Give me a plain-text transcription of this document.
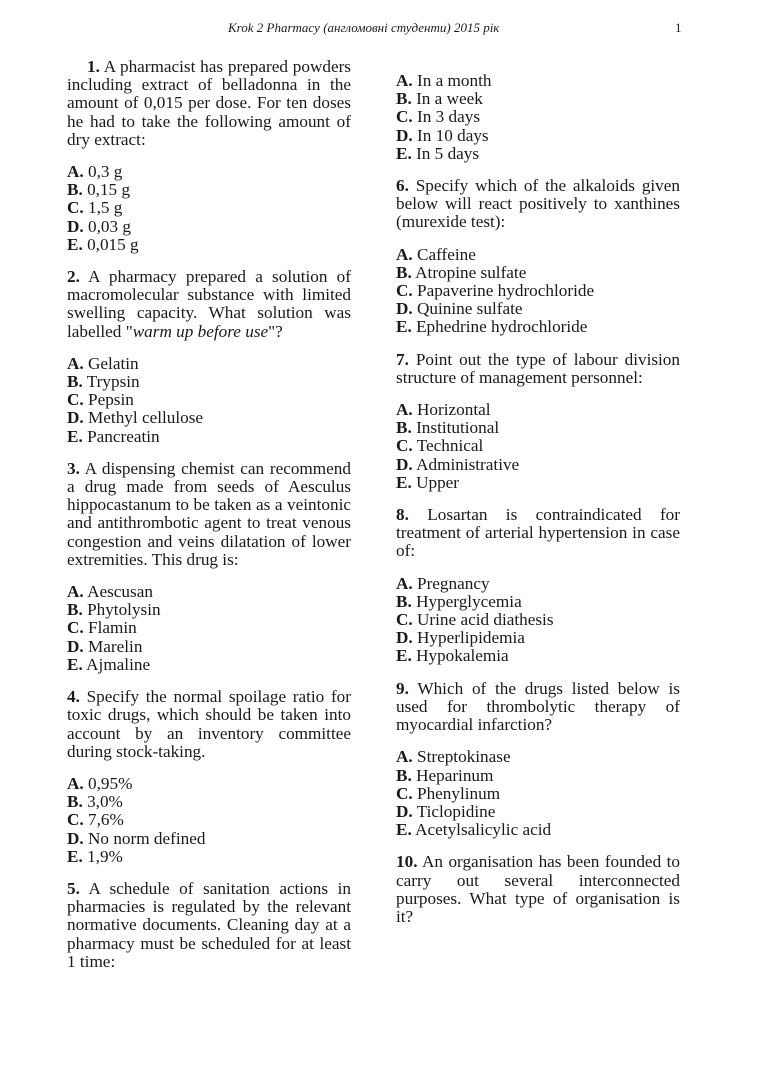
Krok 2 Pharmacy (англомовні студенти) 2015 рік	1

1. A pharmacist has prepared powders including extract of belladonna in the amount of 0,015 per dose. For ten doses he had to take the following amount of dry extract:

A. 0,3 g
B. 0,15 g
C. 1,5 g
D. 0,03 g
E. 0,015 g

2. A pharmacy prepared a solution of macromolecular substance with limited swelling capacity. What solution was labelled "warm up before use"?

A. Gelatin
B. Trypsin
C. Pepsin
D. Methyl cellulose
E. Pancreatin

3. A dispensing chemist can recommend a drug made from seeds of Aesculus hippocastanum to be taken as a veintonic and antithrombotic agent to treat venous congestion and veins dilatation of lower extremities. This drug is:

A. Aescusan
B. Phytolysin
C. Flamin
D. Marelin
E. Ajmaline

4. Specify the normal spoilage ratio for toxic drugs, which should be taken into account by an inventory committee during stock-taking.

A. 0,95%
B. 3,0%
C. 7,6%
D. No norm defined
E. 1,9%

5. A schedule of sanitation actions in pharmacies is regulated by the relevant normative documents. Cleaning day at a pharmacy must be scheduled for at least 1 time:

A. In a month
B. In a week
C. In 3 days
D. In 10 days
E. In 5 days

6. Specify which of the alkaloids given below will react positively to xanthines (murexide test):

A. Caffeine
B. Atropine sulfate
C. Papaverine hydrochloride
D. Quinine sulfate
E. Ephedrine hydrochloride

7. Point out the type of labour division structure of management personnel:

A. Horizontal
B. Institutional
C. Technical
D. Administrative
E. Upper

8. Losartan is contraindicated for treatment of arterial hypertension in case of:

A. Pregnancy
B. Hyperglycemia
C. Urine acid diathesis
D. Hyperlipidemia
E. Hypokalemia

9. Which of the drugs listed below is used for thrombolytic therapy of myocardial infarction?

A. Streptokinase
B. Heparinum
C. Phenylinum
D. Ticlopidine
E. Acetylsalicylic acid

10. An organisation has been founded to carry out several interconnected purposes. What type of organisation is it?
